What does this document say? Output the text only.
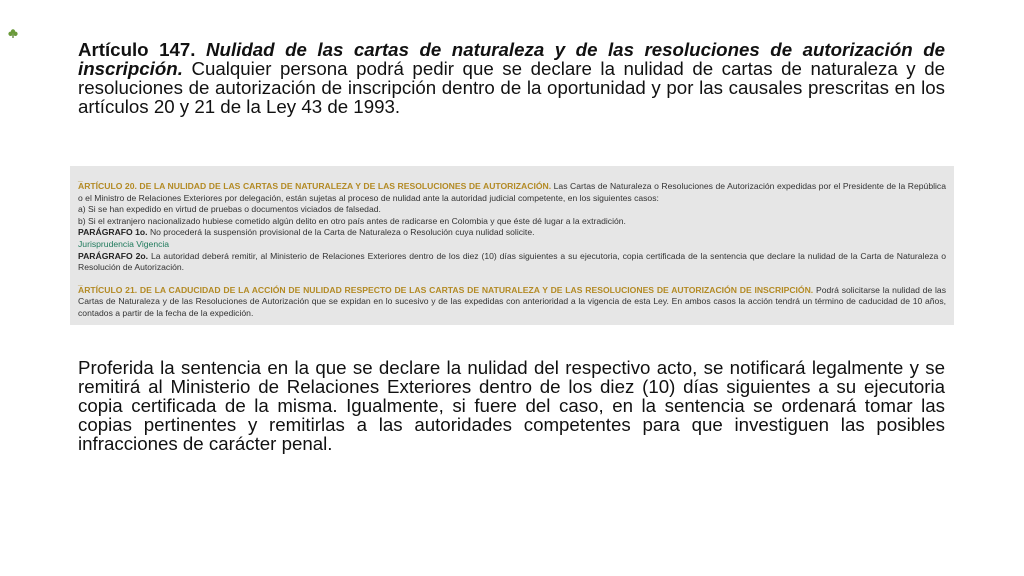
Artículo 147. Nulidad de las cartas de naturaleza y de las resoluciones de autorización de inscripción. Cualquier persona podrá pedir que se declare la nulidad de cartas de naturaleza y de resoluciones de autorización de inscripción dentro de la oportunidad y por las causales prescritas en los artículos 20 y 21 de la Ley 43 de 1993.

_

ARTÍCULO 20. DE LA NULIDAD DE LAS CARTAS DE NATURALEZA Y DE LAS RESOLUCIONES DE AUTORIZACIÓN. Las Cartas de Naturaleza o Resoluciones de Autorización expedidas por el Presidente de la República o el Ministro de Relaciones Exteriores por delegación, están sujetas al proceso de nulidad ante la autoridad judicial competente, en los siguientes casos:

a) Si se han expedido en virtud de pruebas o documentos viciados de falsedad.

b) Si el extranjero nacionalizado hubiese cometido algún delito en otro país antes de radicarse en Colombia y que éste dé lugar a la extradición.

PARÁGRAFO 1o. No procederá la suspensión provisional de la Carta de Naturaleza o Resolución cuya nulidad solicite.

Jurisprudencia Vigencia

PARÁGRAFO 2o. La autoridad deberá remitir, al Ministerio de Relaciones Exteriores dentro de los diez (10) días siguientes a su ejecutoria, copia certificada de la sentencia que declare la nulidad de la Carta de Naturaleza o Resolución de Autorización.

_

ARTÍCULO 21. DE LA CADUCIDAD DE LA ACCIÓN DE NULIDAD RESPECTO DE LAS CARTAS DE NATURALEZA Y DE LAS RESOLUCIONES DE AUTORIZACIÓN DE INSCRIPCIÓN. Podrá solicitarse la nulidad de las Cartas de Naturaleza y de las Resoluciones de Autorización que se expidan en lo sucesivo y de las expedidas con anterioridad a la vigencia de esta Ley. En ambos casos la acción tendrá un término de caducidad de 10 años, contados a partir de la fecha de la expedición.

Proferida la sentencia en la que se declare la nulidad del respectivo acto, se notificará legalmente y se remitirá al Ministerio de Relaciones Exteriores dentro de los diez (10) días siguientes a su ejecutoria copia certificada de la misma. Igualmente, si fuere del caso, en la sentencia se ordenará tomar las copias pertinentes y remitirlas a las autoridades competentes para que investiguen las posibles infracciones de carácter penal.
